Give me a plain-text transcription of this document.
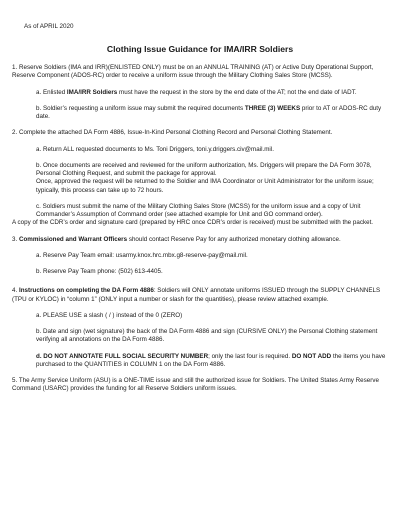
As of APRIL 2020
Clothing Issue Guidance for IMA/IRR Soldiers

1. Reserve Soldiers (IMA and IRR)(ENLISTED ONLY) must be on an ANNUAL TRAINING (AT) or Active Duty Operational Support, Reserve Component (ADOS-RC) order to receive a uniform issue through the Military Clothing Sales Store (MCSS).

a. Enlisted IMA/IRR Soldiers must have the request in the store by the end date of the AT; not the end date of IADT.

b. Soldier’s requesting a uniform issue may submit the required documents THREE (3) WEEKS prior to AT or ADOS-RC duty date.

2. Complete the attached DA Form 4886, Issue-In-Kind Personal Clothing Record and Personal Clothing Statement.

a. Return ALL requested documents to Ms. Toni Driggers, toni.y.driggers.civ@mail.mil.

b. Once documents are received and reviewed for the uniform authorization, Ms. Driggers will prepare the DA Form 3078, Personal Clothing Request, and submit the package for approval.

Once, approved the request will be returned to the Soldier and IMA Coordinator or Unit Administrator for the uniform issue; typically, this process can take up to 72 hours.

c. Soldiers must submit the name of the Military Clothing Sales Store (MCSS) for the uniform issue and a copy of Unit Commander’s Assumption of Command order (see attached example for Unit and GO command order).

A copy of the CDR’s order and signature card (prepared by HRC once CDR’s order is received) must be submitted with the packet.

3. Commissioned and Warrant Officers should contact Reserve Pay for any authorized monetary clothing allowance.

a. Reserve Pay Team email: usarmy.knox.hrc.mbx.g8-reserve-pay@mail.mil.

b. Reserve Pay Team phone: (502) 613-4405.

4. Instructions on completing the DA Form 4886: Soldiers will ONLY annotate uniforms ISSUED through the SUPPLY CHANNELS (TPU or KYLOC) in “column 1” (ONLY input a number or slash for the quantities), please review attached example.

a. PLEASE USE a slash ( / ) instead of the 0 (ZERO)

b. Date and sign (wet signature) the back of the DA Form 4886 and sign (CURSIVE ONLY) the Personal Clothing statement verifying all annotations on the DA Form 4886.

d. DO NOT ANNOTATE FULL SOCIAL SECURITY NUMBER; only the last four is required. DO NOT ADD the items you have purchased to the QUANTITIES in COLUMN 1 on the DA Form 4886.

5. The Army Service Uniform (ASU) is a ONE-TIME issue and still the authorized issue for Soldiers. The United States Army Reserve Command (USARC) provides the funding for all Reserve Soldiers uniform issues.
